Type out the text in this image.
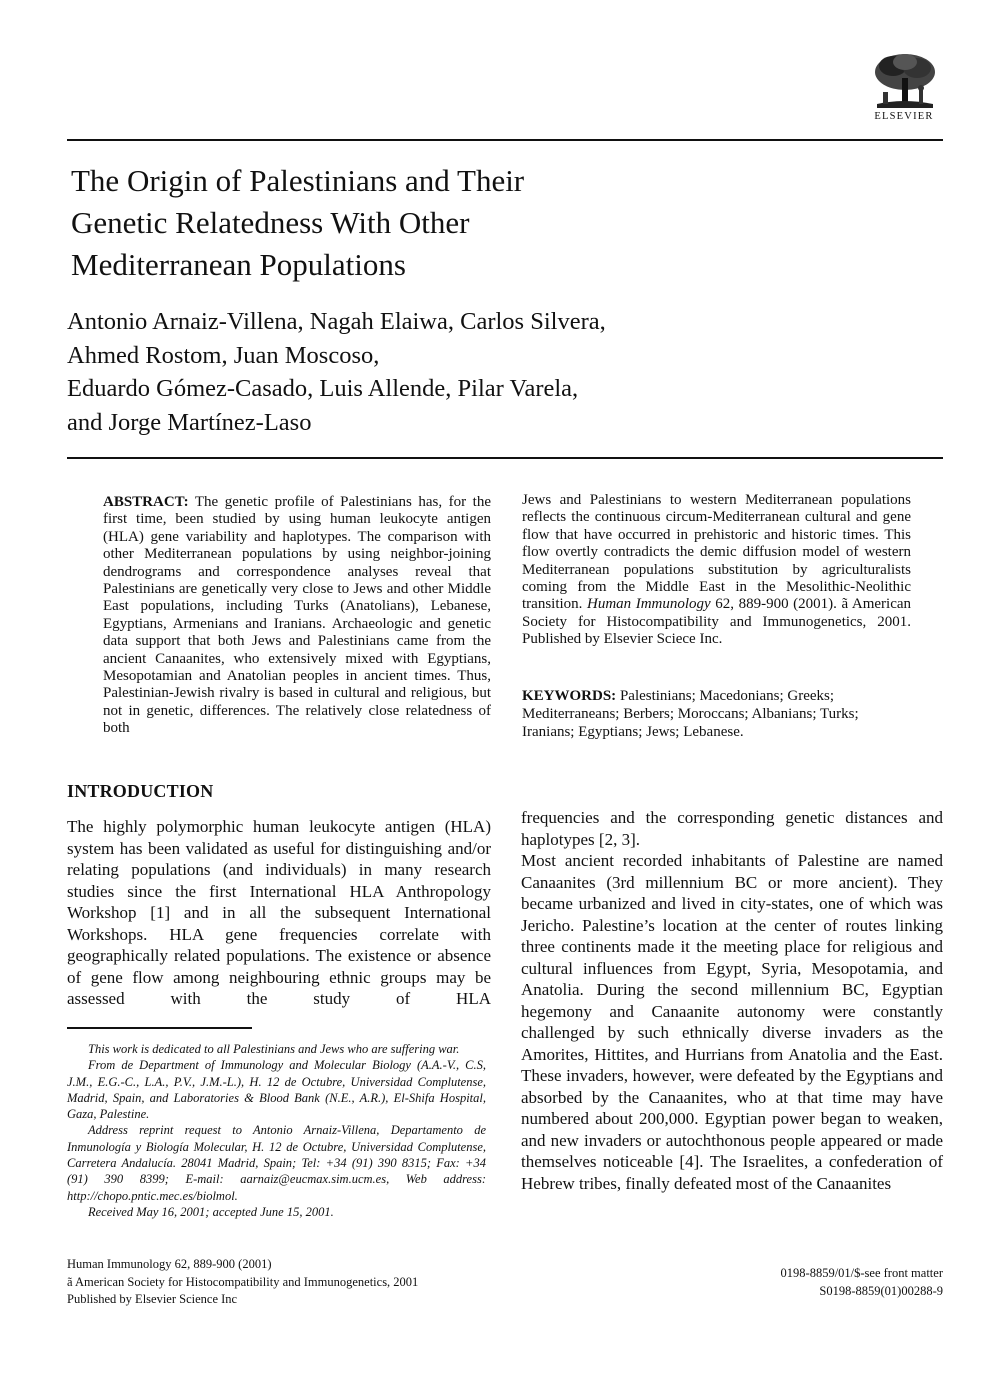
ELSEVIER
The Origin of Palestinians and Their
Genetic Relatedness With Other
Mediterranean Populations
Antonio Arnaiz-Villena, Nagah Elaiwa, Carlos Silvera,
Ahmed Rostom, Juan Moscoso,
Eduardo Gómez-Casado, Luis Allende, Pilar Varela,
and Jorge Martínez-Laso
ABSTRACT: The genetic profile of Palestinians has, for the first time, been studied by using human leukocyte antigen (HLA) gene variability and haplotypes. The comparison with other Mediterranean populations by using neighbor-joining dendrograms and correspondence analyses reveal that Palestinians are genetically very close to Jews and other Middle East populations, including Turks (Anatolians), Lebanese, Egyptians, Armenians and Iranians. Archaeologic and genetic data support that both Jews and Palestinians came from the ancient Canaanites, who extensively mixed with Egyptians, Mesopotamian and Anatolian peoples in ancient times. Thus, Palestinian-Jewish rivalry is based in cultural and religious, but not in genetic, differences. The relatively close relatedness of both
Jews and Palestinians to western Mediterranean populations reflects the continuous circum-Mediterranean cultural and gene flow that have occurred in prehistoric and historic times. This flow overtly contradicts the demic diffusion model of western Mediterranean populations substitution by agriculturalists coming from the Middle East in the Mesolithic-Neolithic transition. Human Immunology 62, 889-900 (2001). ã American Society for Histocompatibility and Immunogenetics, 2001. Published by Elsevier Sciece Inc.
KEYWORDS: Palestinians; Macedonians; Greeks; Mediterraneans; Berbers; Moroccans; Albanians; Turks; Iranians; Egyptians; Jews; Lebanese.
INTRODUCTION
The highly polymorphic human leukocyte antigen (HLA) system has been validated as useful for distinguishing and/or relating populations (and individuals) in many research studies since the first International HLA Anthropology Workshop [1] and in all the subsequent International Workshops. HLA gene frequencies correlate with geographically related populations. The existence or absence of gene flow among neighbouring ethnic groups may be assessed with the study of HLA

frequencies and the corresponding genetic distances and haplotypes [2, 3].

Most ancient recorded inhabitants of Palestine are named Canaanites (3rd millennium BC or more ancient). They became urbanized and lived in city-states, one of which was Jericho. Palestine’s location at the center of routes linking three continents made it the meeting place for religious and cultural influences from Egypt, Syria, Mesopotamia, and Anatolia. During the second millennium BC, Egyptian hegemony and Canaanite autonomy were constantly challenged by such ethnically diverse invaders as the Amorites, Hittites, and Hurrians from Anatolia and the East. These invaders, however, were defeated by the Egyptians and absorbed by the Canaanites, who at that time may have numbered about 200,000. Egyptian power began to weaken, and new invaders or autochthonous people appeared or made themselves noticeable [4]. The Israelites, a confederation of Hebrew tribes, finally defeated most of the Canaanites

This work is dedicated to all Palestinians and Jews who are suffering war.

From de Department of Immunology and Molecular Biology (A.A.-V., C.S, J.M., E.G.-C., L.A., P.V., J.M.-L.), H. 12 de Octubre, Universidad Complutense, Madrid, Spain, and Laboratories & Blood Bank (N.E., A.R.), El-Shifa Hospital, Gaza, Palestine.

Address reprint request to Antonio Arnaiz-Villena, Departamento de Inmunología y Biología Molecular, H. 12 de Octubre, Universidad Complutense, Carretera Andalucía. 28041 Madrid, Spain; Tel: +34 (91) 390 8315; Fax: +34 (91) 390 8399; E-mail: aarnaiz@eucmax.sim.ucm.es, Web address: http://chopo.pntic.mec.es/biolmol.

Received May 16, 2001; accepted June 15, 2001.

Human Immunology 62, 889-900 (2001)
ã American Society for Histocompatibility and Immunogenetics, 2001
Published by Elsevier Science Inc
0198-8859/01/$-see front matter
S0198-8859(01)00288-9
